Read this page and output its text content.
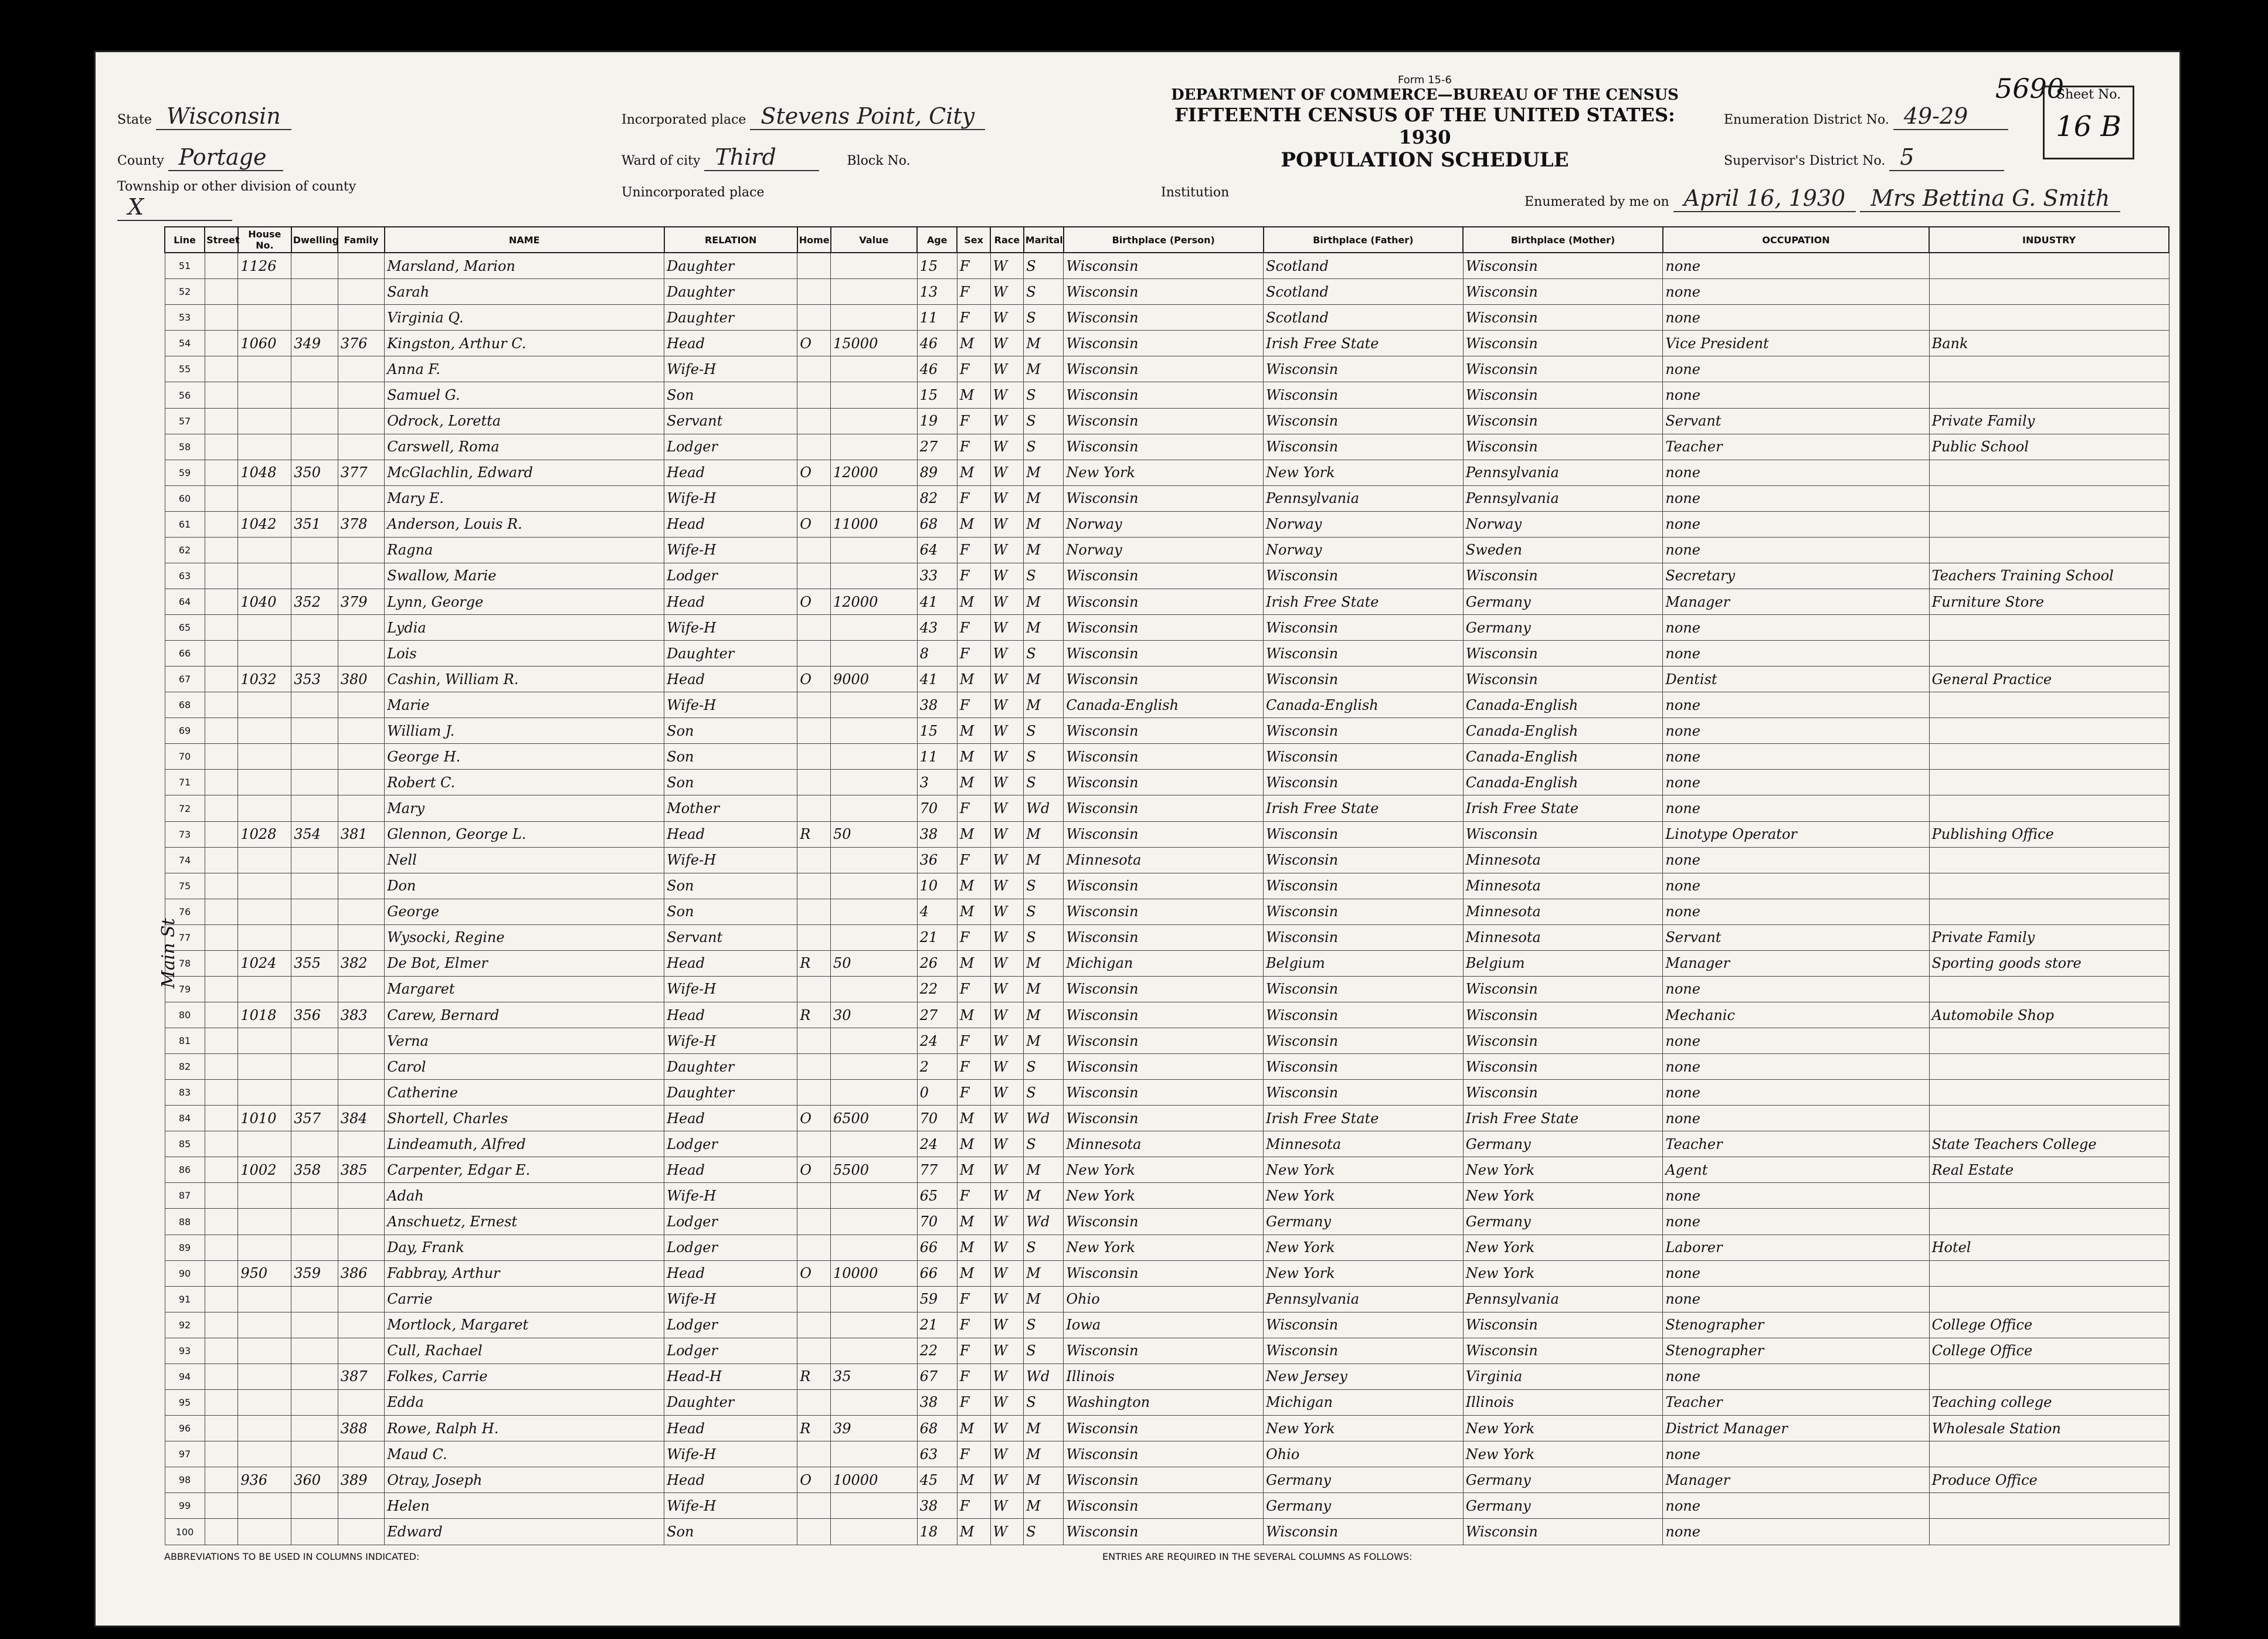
5690
State Wisconsin
County Portage
Township or other division of county X
Incorporated place Stevens Point, City
Ward of city Third	Block No.
Unincorporated place
Form 15-6
DEPARTMENT OF COMMERCE—BUREAU OF THE CENSUS
FIFTEENTH CENSUS OF THE UNITED STATES: 1930
POPULATION SCHEDULE
Institution
Enumeration District No. 49-29
Supervisor's District No. 5
Enumerated by me on April 16, 1930 Mrs Bettina G. Smith
Sheet No.
16 B
Line	Street	House No.	Dwelling	Family	NAME	RELATION	Home	Value	Age	Sex	Race	Marital	Birthplace (Person)	Birthplace (Father)	Birthplace (Mother)	OCCUPATION	INDUSTRY
51		1126			Marsland, Marion	Daughter			15	F	W	S	Wisconsin	Scotland	Wisconsin	none	
52					Sarah	Daughter			13	F	W	S	Wisconsin	Scotland	Wisconsin	none	
53					Virginia Q.	Daughter			11	F	W	S	Wisconsin	Scotland	Wisconsin	none	
54		1060	349	376	Kingston, Arthur C.	Head	O	15000	46	M	W	M	Wisconsin	Irish Free State	Wisconsin	Vice President	Bank
55					Anna F.	Wife-H			46	F	W	M	Wisconsin	Wisconsin	Wisconsin	none	
56					Samuel G.	Son			15	M	W	S	Wisconsin	Wisconsin	Wisconsin	none	
57					Odrock, Loretta	Servant			19	F	W	S	Wisconsin	Wisconsin	Wisconsin	Servant	Private Family
58					Carswell, Roma	Lodger			27	F	W	S	Wisconsin	Wisconsin	Wisconsin	Teacher	Public School
59		1048	350	377	McGlachlin, Edward	Head	O	12000	89	M	W	M	New York	New York	Pennsylvania	none	
60					Mary E.	Wife-H			82	F	W	M	Wisconsin	Pennsylvania	Pennsylvania	none	
61		1042	351	378	Anderson, Louis R.	Head	O	11000	68	M	W	M	Norway	Norway	Norway	none	
62					Ragna	Wife-H			64	F	W	M	Norway	Norway	Sweden	none	
63					Swallow, Marie	Lodger			33	F	W	S	Wisconsin	Wisconsin	Wisconsin	Secretary	Teachers Training School
64		1040	352	379	Lynn, George	Head	O	12000	41	M	W	M	Wisconsin	Irish Free State	Germany	Manager	Furniture Store
65					Lydia	Wife-H			43	F	W	M	Wisconsin	Wisconsin	Germany	none	
66					Lois	Daughter			8	F	W	S	Wisconsin	Wisconsin	Wisconsin	none	
67		1032	353	380	Cashin, William R.	Head	O	9000	41	M	W	M	Wisconsin	Wisconsin	Wisconsin	Dentist	General Practice
68					Marie	Wife-H			38	F	W	M	Canada-English	Canada-English	Canada-English	none	
69					William J.	Son			15	M	W	S	Wisconsin	Wisconsin	Canada-English	none	
70					George H.	Son			11	M	W	S	Wisconsin	Wisconsin	Canada-English	none	
71					Robert C.	Son			3	M	W	S	Wisconsin	Wisconsin	Canada-English	none	
72					Mary	Mother			70	F	W	Wd	Wisconsin	Irish Free State	Irish Free State	none	
73		1028	354	381	Glennon, George L.	Head	R	50	38	M	W	M	Wisconsin	Wisconsin	Wisconsin	Linotype Operator	Publishing Office
74					Nell	Wife-H			36	F	W	M	Minnesota	Wisconsin	Minnesota	none	
75					Don	Son			10	M	W	S	Wisconsin	Wisconsin	Minnesota	none	
76					George	Son			4	M	W	S	Wisconsin	Wisconsin	Minnesota	none	
77					Wysocki, Regine	Servant			21	F	W	S	Wisconsin	Wisconsin	Minnesota	Servant	Private Family
78		1024	355	382	De Bot, Elmer	Head	R	50	26	M	W	M	Michigan	Belgium	Belgium	Manager	Sporting goods store
79					Margaret	Wife-H			22	F	W	M	Wisconsin	Wisconsin	Wisconsin	none	
80		1018	356	383	Carew, Bernard	Head	R	30	27	M	W	M	Wisconsin	Wisconsin	Wisconsin	Mechanic	Automobile Shop
81					Verna	Wife-H			24	F	W	M	Wisconsin	Wisconsin	Wisconsin	none	
82					Carol	Daughter			2	F	W	S	Wisconsin	Wisconsin	Wisconsin	none	
83					Catherine	Daughter			0	F	W	S	Wisconsin	Wisconsin	Wisconsin	none	
84		1010	357	384	Shortell, Charles	Head	O	6500	70	M	W	Wd	Wisconsin	Irish Free State	Irish Free State	none	
85					Lindeamuth, Alfred	Lodger			24	M	W	S	Minnesota	Minnesota	Germany	Teacher	State Teachers College
86		1002	358	385	Carpenter, Edgar E.	Head	O	5500	77	M	W	M	New York	New York	New York	Agent	Real Estate
87					Adah	Wife-H			65	F	W	M	New York	New York	New York	none	
88					Anschuetz, Ernest	Lodger			70	M	W	Wd	Wisconsin	Germany	Germany	none	
89					Day, Frank	Lodger			66	M	W	S	New York	New York	New York	Laborer	Hotel
90		950	359	386	Fabbray, Arthur	Head	O	10000	66	M	W	M	Wisconsin	New York	New York	none	
91					Carrie	Wife-H			59	F	W	M	Ohio	Pennsylvania	Pennsylvania	none	
92					Mortlock, Margaret	Lodger			21	F	W	S	Iowa	Wisconsin	Wisconsin	Stenographer	College Office
93					Cull, Rachael	Lodger			22	F	W	S	Wisconsin	Wisconsin	Wisconsin	Stenographer	College Office
94				387	Folkes, Carrie	Head-H	R	35	67	F	W	Wd	Illinois	New Jersey	Virginia	none	
95					Edda	Daughter			38	F	W	S	Washington	Michigan	Illinois	Teacher	Teaching college
96				388	Rowe, Ralph H.	Head	R	39	68	M	W	M	Wisconsin	New York	New York	District Manager	Wholesale Station
97					Maud C.	Wife-H			63	F	W	M	Wisconsin	Ohio	New York	none	
98		936	360	389	Otray, Joseph	Head	O	10000	45	M	W	M	Wisconsin	Germany	Germany	Manager	Produce Office
99					Helen	Wife-H			38	F	W	M	Wisconsin	Germany	Germany	none	
100					Edward	Son			18	M	W	S	Wisconsin	Wisconsin	Wisconsin	none	
Main St
ABBREVIATIONS TO BE USED IN COLUMNS INDICATED:	ENTRIES ARE REQUIRED IN THE SEVERAL COLUMNS AS FOLLOWS:
